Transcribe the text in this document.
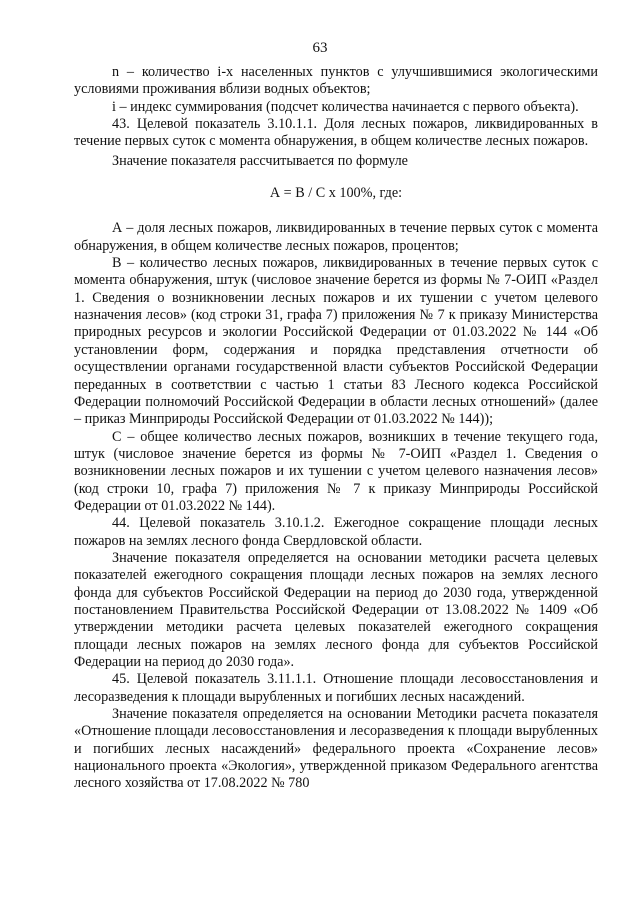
63

n – количество i-х населенных пунктов с улучшившимися экологическими условиями проживания вблизи водных объектов;

i – индекс суммирования (подсчет количества начинается с первого объекта).

43. Целевой показатель 3.10.1.1. Доля лесных пожаров, ликвидированных в течение первых суток с момента обнаружения, в общем количестве лесных пожаров.

Значение показателя рассчитывается по формуле

А = В / С х 100%, где:

А – доля лесных пожаров, ликвидированных в течение первых суток с момента обнаружения, в общем количестве лесных пожаров, процентов;

В – количество лесных пожаров, ликвидированных в течение первых суток с момента обнаружения, штук (числовое значение берется из формы № 7-ОИП «Раздел 1. Сведения о возникновении лесных пожаров и их тушении с учетом целевого назначения лесов» (код строки 31, графа 7) приложения № 7 к приказу Министерства природных ресурсов и экологии Российской Федерации от 01.03.2022 № 144 «Об установлении форм, содержания и порядка представления отчетности об осуществлении органами государственной власти субъектов Российской Федерации переданных в соответствии с частью 1 статьи 83 Лесного кодекса Российской Федерации полномочий Российской Федерации в области лесных отношений» (далее – приказ Минприроды Российской Федерации от 01.03.2022 № 144));

С – общее количество лесных пожаров, возникших в течение текущего года, штук (числовое значение берется из формы № 7-ОИП «Раздел 1. Сведения о возникновении лесных пожаров и их тушении с учетом целевого назначения лесов» (код строки 10, графа 7) приложения № 7 к приказу Минприроды Российской Федерации от 01.03.2022 № 144).

44. Целевой показатель 3.10.1.2. Ежегодное сокращение площади лесных пожаров на землях лесного фонда Свердловской области.

Значение показателя определяется на основании методики расчета целевых показателей ежегодного сокращения площади лесных пожаров на землях лесного фонда для субъектов Российской Федерации на период до 2030 года, утвержденной постановлением Правительства Российской Федерации от 13.08.2022 № 1409 «Об утверждении методики расчета целевых показателей ежегодного сокращения площади лесных пожаров на землях лесного фонда для субъектов Российской Федерации на период до 2030 года».

45. Целевой показатель 3.11.1.1. Отношение площади лесовосстановления и лесоразведения к площади вырубленных и погибших лесных насаждений.

Значение показателя определяется на основании Методики расчета показателя «Отношение площади лесовосстановления и лесоразведения к площади вырубленных и погибших лесных насаждений» федерального проекта «Сохранение лесов» национального проекта «Экология», утвержденной приказом Федерального агентства лесного хозяйства от 17.08.2022 № 780
